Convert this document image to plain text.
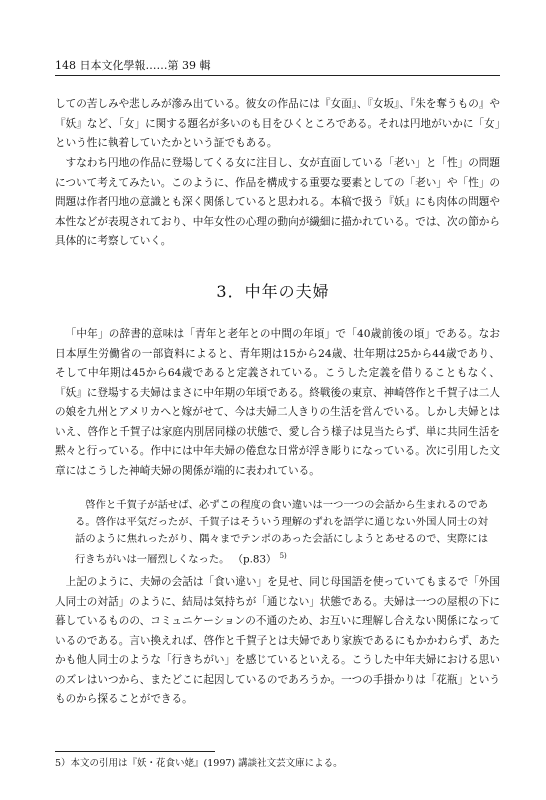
148 日本文化學報……第 39 輯
しての苦しみや悲しみが滲み出ている。彼女の作品には『女面』、『女坂』、『朱を奪うもの』や『妖』など、「女」に関する題名が多いのも目をひくところである。それは円地がいかに「女」という性に執着していたかという証でもある。
すなわち円地の作品に登場してくる女に注目し、女が直面している「老い」と「性」の問題について考えてみたい。このように、作品を構成する重要な要素としての「老い」や「性」の問題は作者円地の意識とも深く関係していると思われる。本稿で扱う『妖』にも肉体の問題や本性などが表現されており、中年女性の心理の動向が繊細に描かれている。では、次の節から具体的に考察していく。
3．中年の夫婦
「中年」の辞書的意味は「青年と老年との中間の年頃」で「40歳前後の頃」である。なお日本厚生労働省の一部資料によると、青年期は15から24歳、壮年期は25から44歳であり、そして中年期は45から64歳であると定義されている。こうした定義を借りることもなく、『妖』に登場する夫婦はまさに中年期の年頃である。終戦後の東京、神崎啓作と千賀子は二人の娘を九州とアメリカへと嫁がせて、今は夫婦二人きりの生活を営んでいる。しかし夫婦とはいえ、啓作と千賀子は家庭内別居同様の状態で、愛し合う様子は見当たらず、単に共同生活を黙々と行っている。作中には中年夫婦の倦怠な日常が浮き彫りになっている。次に引用した文章にはこうした神崎夫婦の関係が端的に表われている。
啓作と千賀子が話せば、必ずこの程度の食い違いは一つ一つの会話から生まれるのである。啓作は平気だったが、千賀子はそういう理解のずれを語学に通じない外国人同士の対話のように焦れったがり、隅々までテンポのあった会話にしようとあせるので、実際には行きちがいは一層烈しくなった。 （p.83） $^{5)}$
上記のように、夫婦の会話は「食い違い」を見せ、同じ母国語を使っていてもまるで「外国人同士の対話」のように、結局は気持ちが「通じない」状態である。夫婦は一つの屋根の下に暮しているものの、コミュニケーションの不通のため、お互いに理解し合えない関係になっているのである。言い換えれば、啓作と千賀子とは夫婦であり家族であるにもかかわらず、あたかも他人同士のような「行きちがい」を感じているといえる。こうした中年夫婦における思いのズレはいつから、またどこに起因しているのであろうか。一つの手掛かりは「花瓶」というものから探ることができる。
5）本文の引用は『妖・花食い姥』(1997) 講談社文芸文庫による。
